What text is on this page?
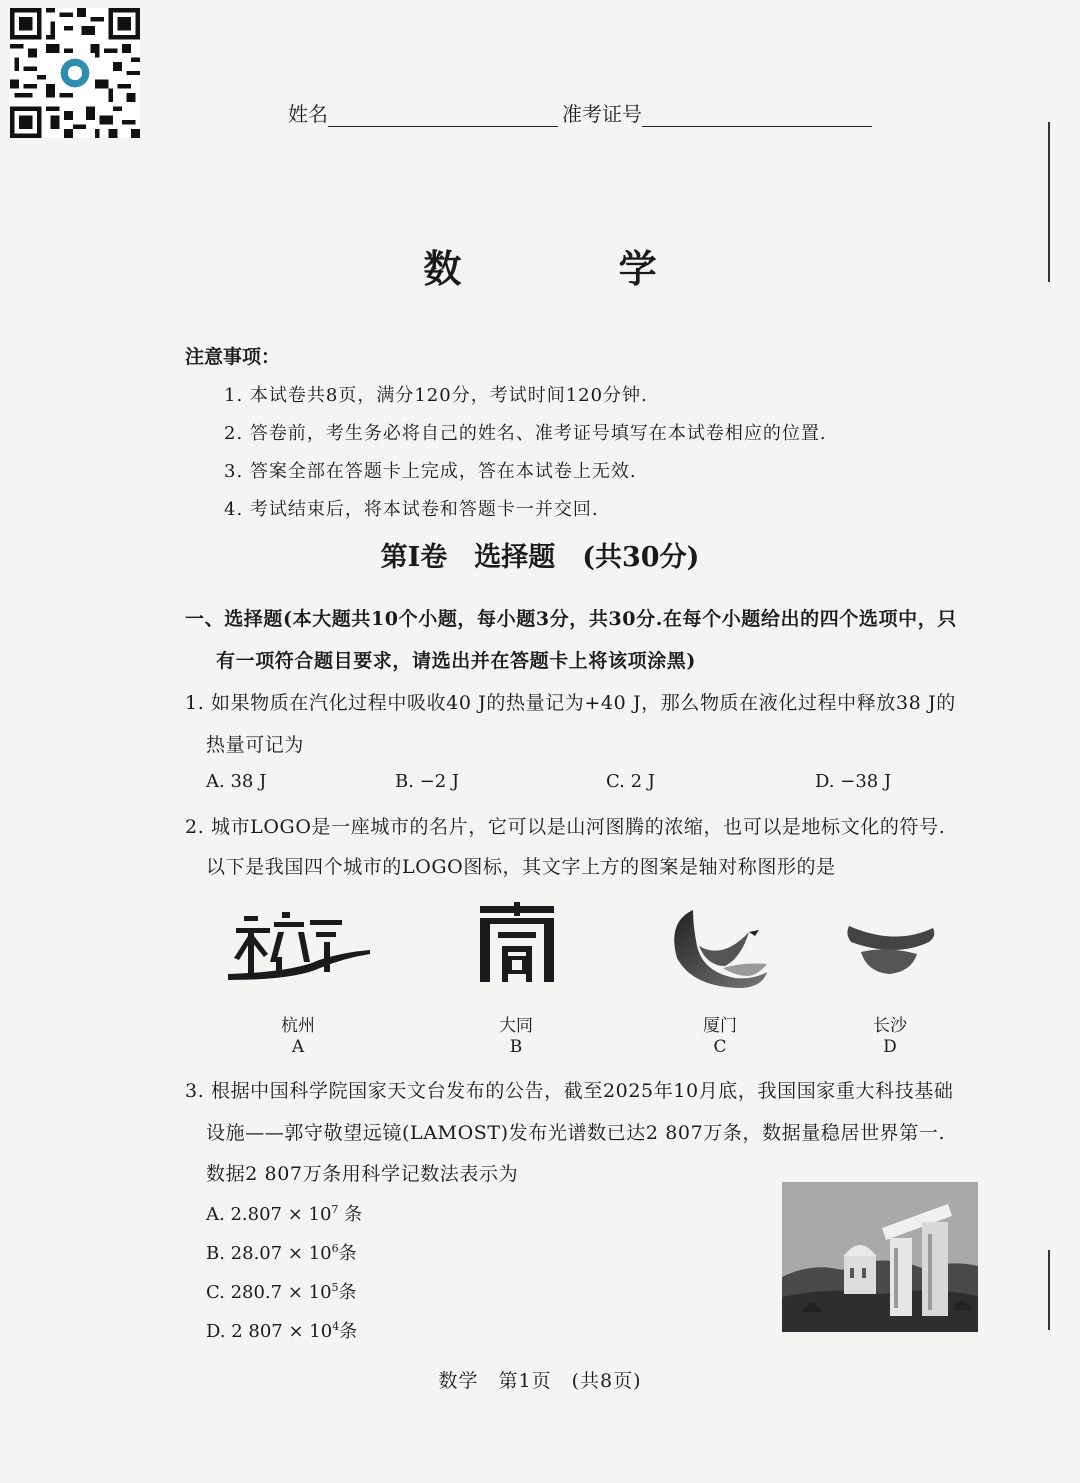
姓名	准考证号
数 学
注意事项：
1. 本试卷共8页，满分120分，考试时间120分钟.
2. 答卷前，考生务必将自己的姓名、准考证号填写在本试卷相应的位置.
3. 答案全部在答题卡上完成，答在本试卷上无效.
4. 考试结束后，将本试卷和答题卡一并交回.
第Ⅰ卷　选择题　(共30分)
一、选择题(本大题共10个小题，每小题3分，共30分.在每个小题给出的四个选项中，只
有一项符合题目要求，请选出并在答题卡上将该项涂黑)
1. 如果物质在汽化过程中吸收40 J的热量记为+40 J，那么物质在液化过程中释放38 J的
热量可记为
A. 38 J	B. −2 J	C. 2 J	D. −38 J
2. 城市LOGO是一座城市的名片，它可以是山河图腾的浓缩，也可以是地标文化的符号.
以下是我国四个城市的LOGO图标，其文字上方的图案是轴对称图形的是
杭州
A
大同
B
厦门
C
长沙
D
3. 根据中国科学院国家天文台发布的公告，截至2025年10月底，我国国家重大科技基础
设施——郭守敬望远镜(LAMOST)发布光谱数已达2 807万条，数据量稳居世界第一.
数据2 807万条用科学记数法表示为
A. $2.807 \times 10^7$ 条
B. $28.07 \times 10^6$条
C. $280.7 \times 10^5$条
D. 2 $807 \times 10^4$条
数学　第1页　(共8页)
